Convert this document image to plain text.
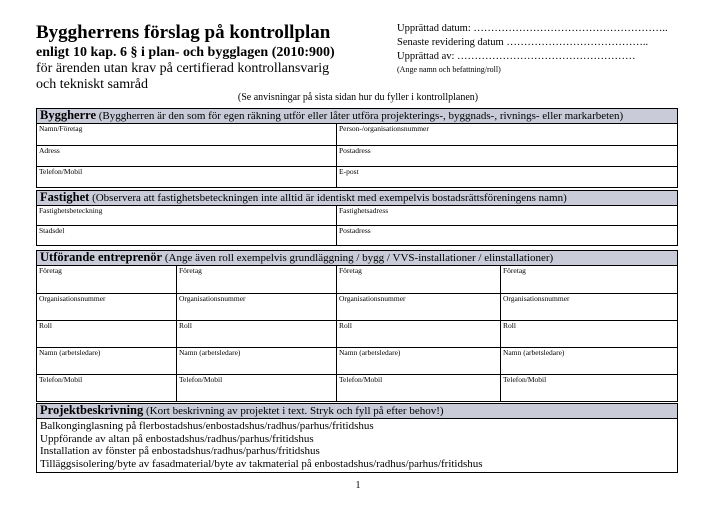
Byggherrens förslag på kontrollplan
enligt 10 kap. 6 § i plan- och bygglagen (2010:900)
för ärenden utan krav på certifierad kontrollansvarig
och tekniskt samråd
Upprättad datum: ………………………………………………..
Senaste revidering datum …………………………………..
Upprättad av: ……………………………………………
(Ange namn och befattning/roll)
(Se anvisningar på sista sidan hur du fyller i kontrollplanen)
Byggherre (Byggherren är den som för egen räkning utför eller låter utföra projekterings-, byggnads-, rivnings- eller markarbeten)
Namn/Företag	Person-/organisationsnummer
Adress	Postadress
Telefon/Mobil	E-post
Fastighet (Observera att fastighetsbeteckningen inte alltid är identiskt med exempelvis bostadsrättsföreningens namn)
Fastighetsbeteckning	Fastighetsadress
Stadsdel	Postadress
Utförande entreprenör (Ange även roll exempelvis grundläggning / bygg / VVS-installationer / elinstallationer)
Företag	Företag	Företag	Företag
Organisationsnummer	Organisationsnummer	Organisationsnummer	Organisationsnummer
Roll	Roll	Roll	Roll
Namn (arbetsledare)	Namn (arbetsledare)	Namn (arbetsledare)	Namn (arbetsledare)
Telefon/Mobil	Telefon/Mobil	Telefon/Mobil	Telefon/Mobil
Projektbeskrivning (Kort beskrivning av projektet i text. Stryk och fyll på efter behov!)
Balkonginglasning på flerbostadshus/enbostadshus/radhus/parhus/fritidshus
Uppförande av altan på enbostadshus/radhus/parhus/fritidshus
Installation av fönster på enbostadshus/radhus/parhus/fritidshus
Tilläggsisolering/byte av fasadmaterial/byte av takmaterial på enbostadshus/radhus/parhus/fritidshus
1
